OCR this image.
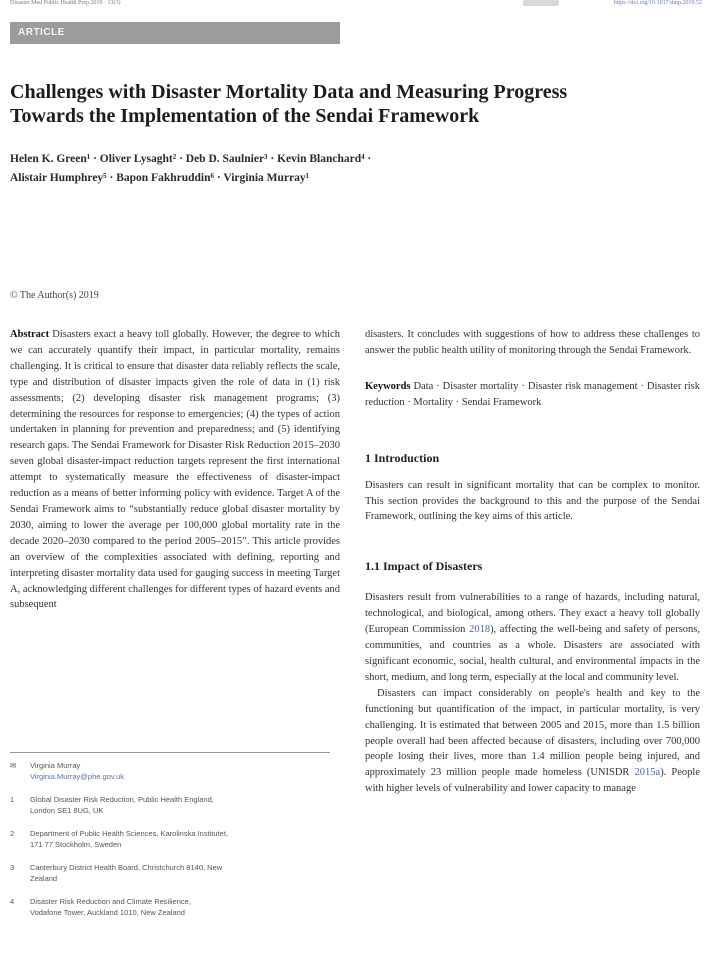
Disaster Med Public Health Prep 2019 · 13(3)	https://doi.org/10.1017/dmp.2019.52
ARTICLE
Challenges with Disaster Mortality Data and Measuring Progress
Towards the Implementation of the Sendai Framework
Helen K. Green¹ · Oliver Lysaght² · Deb D. Saulnier³ · Kevin Blanchard⁴ ·
Alistair Humphrey⁵ · Bapon Fakhruddin⁶ · Virginia Murray¹
© The Author(s) 2019

Abstract Disasters exact a heavy toll globally. However, the degree to which we can accurately quantify their impact, in particular mortality, remains challenging. It is critical to ensure that disaster data reliably reflects the scale, type and distribution of disaster impacts given the role of data in (1) risk assessments; (2) developing disaster risk management programs; (3) determining the resources for response to emergencies; (4) the types of action undertaken in planning for prevention and preparedness; and (5) identifying research gaps. The Sendai Framework for Disaster Risk Reduction 2015–2030 seven global disaster-impact reduction targets represent the first international attempt to systematically measure the effectiveness of disaster-impact reduction as a means of better informing policy with evidence. Target A of the Sendai Framework aims to “substantially reduce global disaster mortality by 2030, aiming to lower the average per 100,000 global mortality rate in the decade 2020–2030 compared to the period 2005–2015”. This article provides an overview of the complexities associated with defining, reporting and interpreting disaster mortality data used for gauging success in meeting Target A, acknowledging different challenges for different types of hazard events and subsequent

✉	Virginia Murray
Virginia.Murray@phe.gov.uk
1	Global Disaster Risk Reduction, Public Health England,
London SE1 8UG, UK
2	Department of Public Health Sciences, Karolinska Institutet,
171 77 Stockholm, Sweden
3	Canterbury District Health Board, Christchurch 8140, New
Zealand
4	Disaster Risk Reduction and Climate Resilience,
Vodafone Tower, Auckland 1010, New Zealand

disasters. It concludes with suggestions of how to address these challenges to answer the public health utility of monitoring through the Sendai Framework.

Keywords Data · Disaster mortality · Disaster risk management · Disaster risk reduction · Mortality · Sendai Framework

1 Introduction

Disasters can result in significant mortality that can be complex to monitor. This section provides the background to this and the purpose of the Sendai Framework, outlining the key aims of this article.

1.1 Impact of Disasters

Disasters result from vulnerabilities to a range of hazards, including natural, technological, and biological, among others. They exact a heavy toll globally (European Commission 2018), affecting the well-being and safety of persons, communities, and countries as a whole. Disasters are associated with significant economic, social, health cultural, and environmental impacts in the short, medium, and long term, especially at the local and community level.

Disasters can impact considerably on people's health and key to the functioning but quantification of the impact, in particular mortality, is very challenging. It is estimated that between 2005 and 2015, more than 1.5 billion people overall had been affected because of disasters, including over 700,000 people losing their lives, more than 1.4 million people being injured, and approximately 23 million people made homeless (UNISDR 2015a). People with higher levels of vulnerability and lower capacity to manage
